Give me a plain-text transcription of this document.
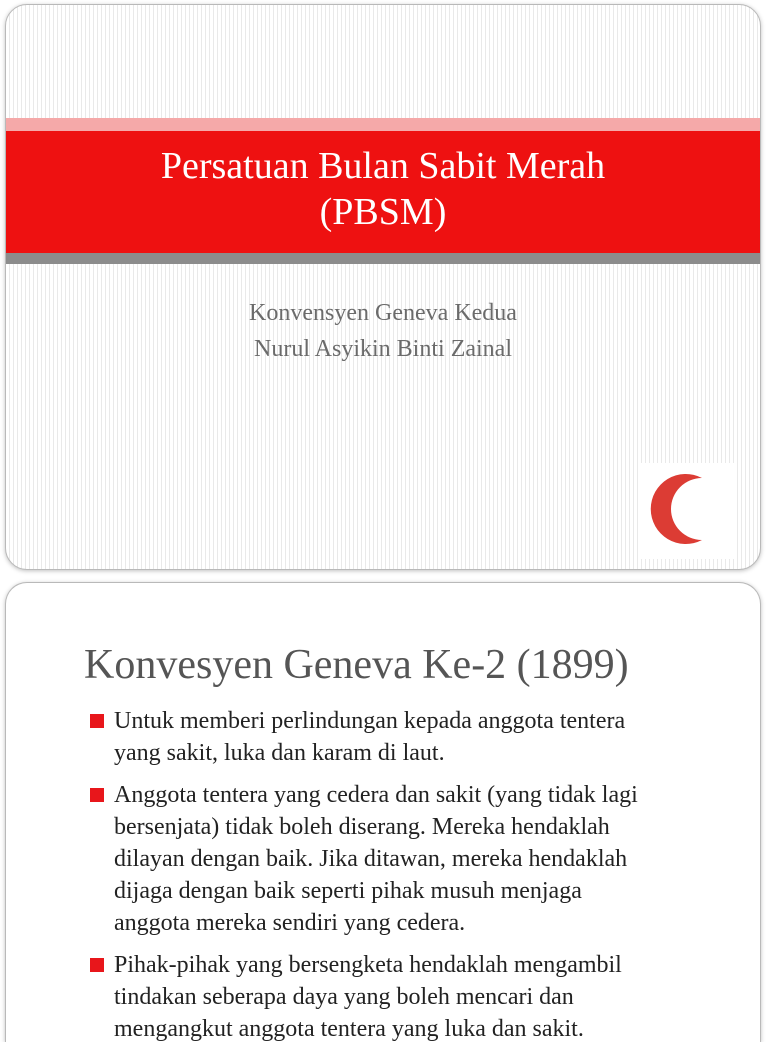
Persatuan Bulan Sabit Merah
(PBSM)
Konvensyen Geneva Kedua
Nurul Asyikin Binti Zainal
Konvesyen Geneva Ke-2 (1899)
Untuk memberi perlindungan kepada anggota tentera
yang sakit, luka dan karam di laut.
Anggota tentera yang cedera dan sakit (yang tidak lagi
bersenjata) tidak boleh diserang. Mereka hendaklah
dilayan dengan baik. Jika ditawan, mereka hendaklah
dijaga dengan baik seperti pihak musuh menjaga
anggota mereka sendiri yang cedera.
Pihak-pihak yang bersengketa hendaklah mengambil
tindakan seberapa daya yang boleh mencari dan
mengangkut anggota tentera yang luka dan sakit.
